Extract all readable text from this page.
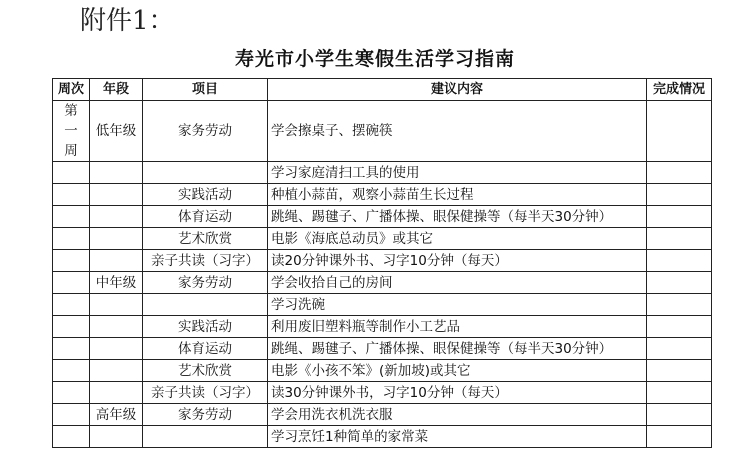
附件1：
寿光市小学生寒假生活学习指南
周次	年段	项目	建议内容	完成情况

第
一
周	低年级	家务劳动	学会擦桌子、摆碗筷	
			学习家庭清扫工具的使用	
		实践活动	种植小蒜苗，观察小蒜苗生长过程	
		体育运动	跳绳、踢毽子、广播体操、眼保健操等（每半天30分钟）	
		艺术欣赏	电影《海底总动员》或其它	
		亲子共读（习字）	读20分钟课外书、习字10分钟（每天）	
	中年级	家务劳动	学会收拾自己的房间	
			学习洗碗	
		实践活动	利用废旧塑料瓶等制作小工艺品	
		体育运动	跳绳、踢毽子、广播体操、眼保健操等（每半天30分钟）	
		艺术欣赏	电影《小孩不笨》(新加坡)或其它	
		亲子共读（习字）	读30分钟课外书，习字10分钟（每天）	
	高年级	家务劳动	学会用洗衣机洗衣服	
			学习烹饪1种简单的家常菜	
